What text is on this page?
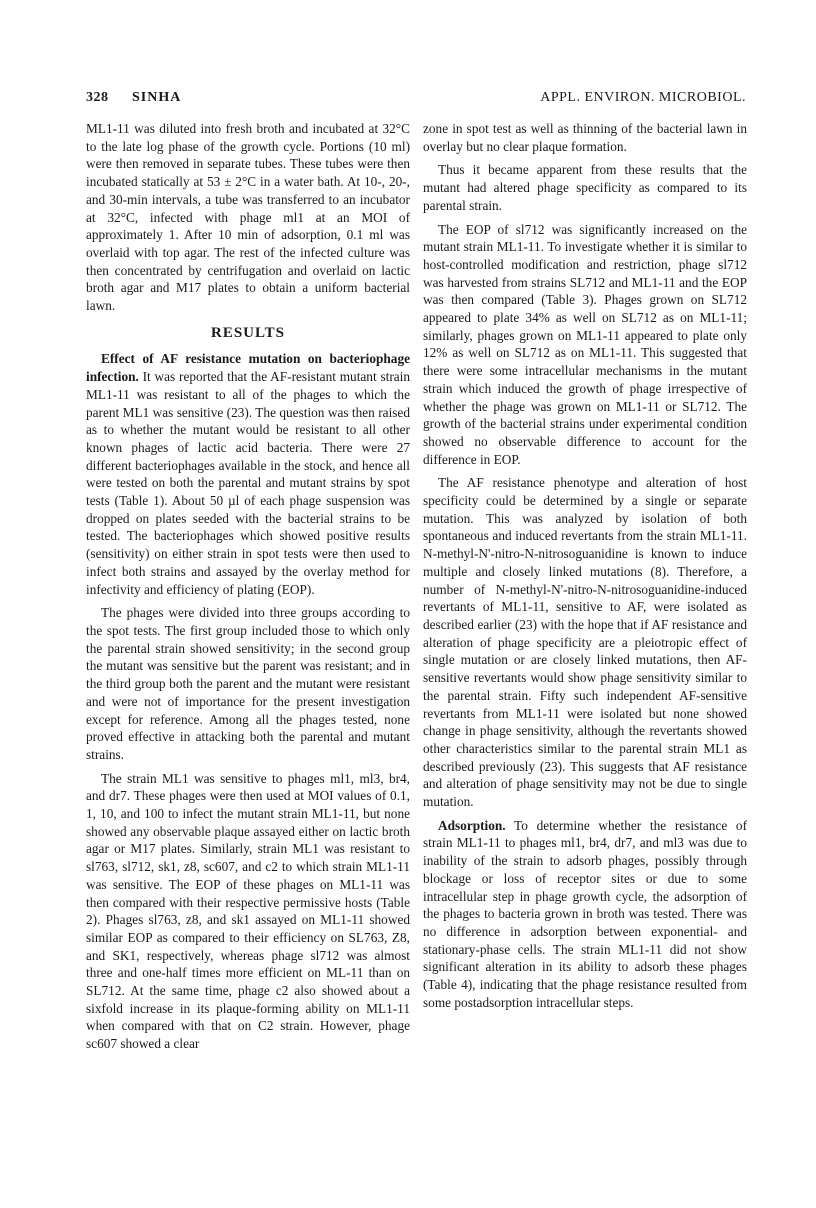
328 SINHA	APPL. ENVIRON. MICROBIOL.

ML1-11 was diluted into fresh broth and incubated at 32°C to the late log phase of the growth cycle. Portions (10 ml) were then removed in separate tubes. These tubes were then incubated statically at 53 ± 2°C in a water bath. At 10-, 20-, and 30-min intervals, a tube was transferred to an incubator at 32°C, infected with phage ml1 at an MOI of approximately 1. After 10 min of adsorption, 0.1 ml was overlaid with top agar. The rest of the infected culture was then concentrated by centrifugation and overlaid on lactic broth agar and M17 plates to obtain a uniform bacterial lawn.

RESULTS

Effect of AF resistance mutation on bacteriophage infection. It was reported that the AF-resistant mutant strain ML1-11 was resistant to all of the phages to which the parent ML1 was sensitive (23). The question was then raised as to whether the mutant would be resistant to all other known phages of lactic acid bacteria. There were 27 different bacteriophages available in the stock, and hence all were tested on both the parental and mutant strains by spot tests (Table 1). About 50 µl of each phage suspension was dropped on plates seeded with the bacterial strains to be tested. The bacteriophages which showed positive results (sensitivity) on either strain in spot tests were then used to infect both strains and assayed by the overlay method for infectivity and efficiency of plating (EOP).

The phages were divided into three groups according to the spot tests. The first group included those to which only the parental strain showed sensitivity; in the second group the mutant was sensitive but the parent was resistant; and in the third group both the parent and the mutant were resistant and were not of importance for the present investigation except for reference. Among all the phages tested, none proved effective in attacking both the parental and mutant strains.

The strain ML1 was sensitive to phages ml1, ml3, br4, and dr7. These phages were then used at MOI values of 0.1, 1, 10, and 100 to infect the mutant strain ML1-11, but none showed any observable plaque assayed either on lactic broth agar or M17 plates. Similarly, strain ML1 was resistant to sl763, sl712, sk1, z8, sc607, and c2 to which strain ML1-11 was sensitive. The EOP of these phages on ML1-11 was then compared with their respective permissive hosts (Table 2). Phages sl763, z8, and sk1 assayed on ML1-11 showed similar EOP as compared to their efficiency on SL763, Z8, and SK1, respectively, whereas phage sl712 was almost three and one-half times more efficient on ML-11 than on SL712. At the same time, phage c2 also showed about a sixfold increase in its plaque-forming ability on ML1-11 when compared with that on C2 strain. However, phage sc607 showed a clear

zone in spot test as well as thinning of the bacterial lawn in overlay but no clear plaque formation.

Thus it became apparent from these results that the mutant had altered phage specificity as compared to its parental strain.

The EOP of sl712 was significantly increased on the mutant strain ML1-11. To investigate whether it is similar to host-controlled modification and restriction, phage sl712 was harvested from strains SL712 and ML1-11 and the EOP was then compared (Table 3). Phages grown on SL712 appeared to plate 34% as well on SL712 as on ML1-11; similarly, phages grown on ML1-11 appeared to plate only 12% as well on SL712 as on ML1-11. This suggested that there were some intracellular mechanisms in the mutant strain which induced the growth of phage irrespective of whether the phage was grown on ML1-11 or SL712. The growth of the bacterial strains under experimental condition showed no observable difference to account for the difference in EOP.

The AF resistance phenotype and alteration of host specificity could be determined by a single or separate mutation. This was analyzed by isolation of both spontaneous and induced revertants from the strain ML1-11. N-methyl-N'-nitro-N-nitrosoguanidine is known to induce multiple and closely linked mutations (8). Therefore, a number of N-methyl-N'-nitro-N-nitrosoguanidine-induced revertants of ML1-11, sensitive to AF, were isolated as described earlier (23) with the hope that if AF resistance and alteration of phage specificity are a pleiotropic effect of single mutation or are closely linked mutations, then AF-sensitive revertants would show phage sensitivity similar to the parental strain. Fifty such independent AF-sensitive revertants from ML1-11 were isolated but none showed change in phage sensitivity, although the revertants showed other characteristics similar to the parental strain ML1 as described previously (23). This suggests that AF resistance and alteration of phage sensitivity may not be due to single mutation.

Adsorption. To determine whether the resistance of strain ML1-11 to phages ml1, br4, dr7, and ml3 was due to inability of the strain to adsorb phages, possibly through blockage or loss of receptor sites or due to some intracellular step in phage growth cycle, the adsorption of the phages to bacteria grown in broth was tested. There was no difference in adsorption between exponential- and stationary-phase cells. The strain ML1-11 did not show significant alteration in its ability to adsorb these phages (Table 4), indicating that the phage resistance resulted from some postadsorption intracellular steps.
